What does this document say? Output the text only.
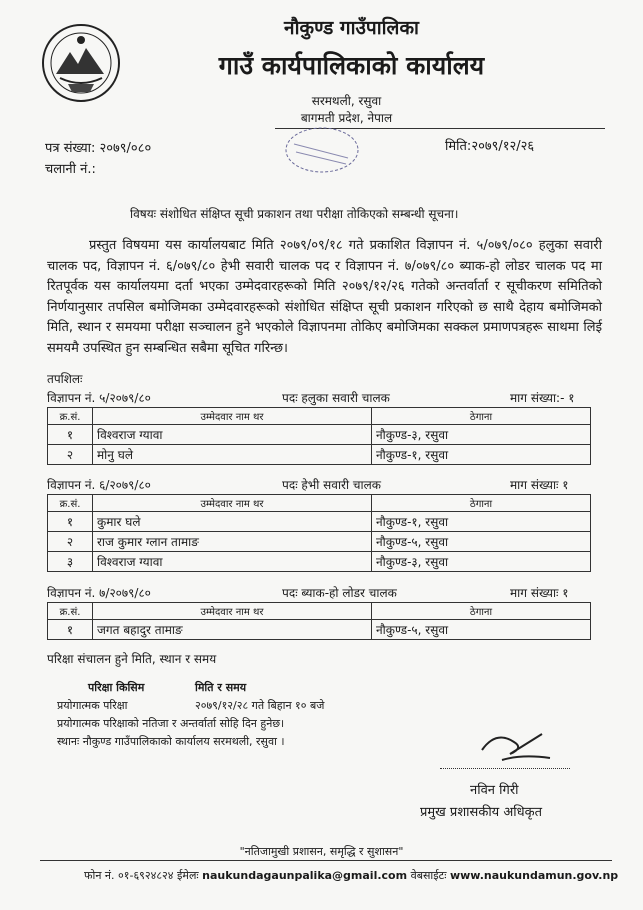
नौकुण्ड गाउँपालिका
गाउँ कार्यपालिकाको कार्यालय
सरमथली, रसुवा
बागमती प्रदेश, नेपाल
पत्र संख्या: २०७९/०८०
चलानी नं.:
मिति:२०७९/१२/२६
विषयः संशोधित संक्षिप्त सूची प्रकाशन तथा परीक्षा तोकिएको सम्बन्धी सूचना।
प्रस्तुत विषयमा यस कार्यालयबाट मिति २०७९/०९/१८ गते प्रकाशित विज्ञापन नं. ५/०७९/०८० हलुका सवारी चालक पद, विज्ञापन नं. ६/०७९/८० हेभी सवारी चालक पद र विज्ञापन नं. ७/०७९/८० ब्याक-हो लोडर चालक पद मा रितपूर्वक यस कार्यालयमा दर्ता भएका उम्मेदवारहरूको मिति २०७९/१२/२६ गतेको अन्तर्वार्ता र सूचीकरण समितिको निर्णयानुसार तपसिल बमोजिमका उम्मेदवारहरूको संशोधित संक्षिप्त सूची प्रकाशन गरिएको छ साथै देहाय बमोजिमको मिति, स्थान र समयमा परीक्षा सञ्चालन हुने भएकोले विज्ञापनमा तोकिए बमोजिमका सक्कल प्रमाणपत्रहरू साथमा लिई समयमै उपस्थित हुन सम्बन्धित सबैमा सूचित गरिन्छ।
तपशिलः
विज्ञापन नं. ५/२०७९/८०	पदः हलुका सवारी चालक	माग संख्या:- १
क्र.सं.	उम्मेदवार नाम थर	ठेगाना
१	विश्वराज ग्यावा	नौकुण्ड-३, रसुवा
२	मोनु घले	नौकुण्ड-१, रसुवा
विज्ञापन नं. ६/२०७९/८०	पदः हेभी सवारी चालक	माग संख्याः १
क्र.सं.	उम्मेदवार नाम थर	ठेगाना
१	कुमार घले	नौकुण्ड-१, रसुवा
२	राज कुमार ग्लान तामाङ	नौकुण्ड-५, रसुवा
३	विश्वराज ग्यावा	नौकुण्ड-३, रसुवा
विज्ञापन नं. ७/२०७९/८०	पदः ब्याक-हो लोडर चालक	माग संख्याः १
क्र.सं.	उम्मेदवार नाम थर	ठेगाना
१	जगत बहादुर तामाङ	नौकुण्ड-५, रसुवा
परिक्षा संचालन हुने मिति, स्थान र समय
परिक्षा किसिम	मिति र समय
प्रयोगात्मक परिक्षा	२०७९/१२/२८ गते बिहान १० बजे
प्रयोगात्मक परिक्षाको नतिजा र अन्तर्वार्ता सोहि दिन हुनेछ।
स्थानः नौकुण्ड गाउँपालिकाको कार्यालय सरमथली, रसुवा ।
नविन गिरी
प्रमुख प्रशासकीय अधिकृत
"नतिजामुखी प्रशासन, समृद्धि र सुशासन"
फोन नं. ०१-६९२४८२४ ईमेलः naukundagaunpalika@gmail.com वेबसाईटः www.naukundamun.gov.np
